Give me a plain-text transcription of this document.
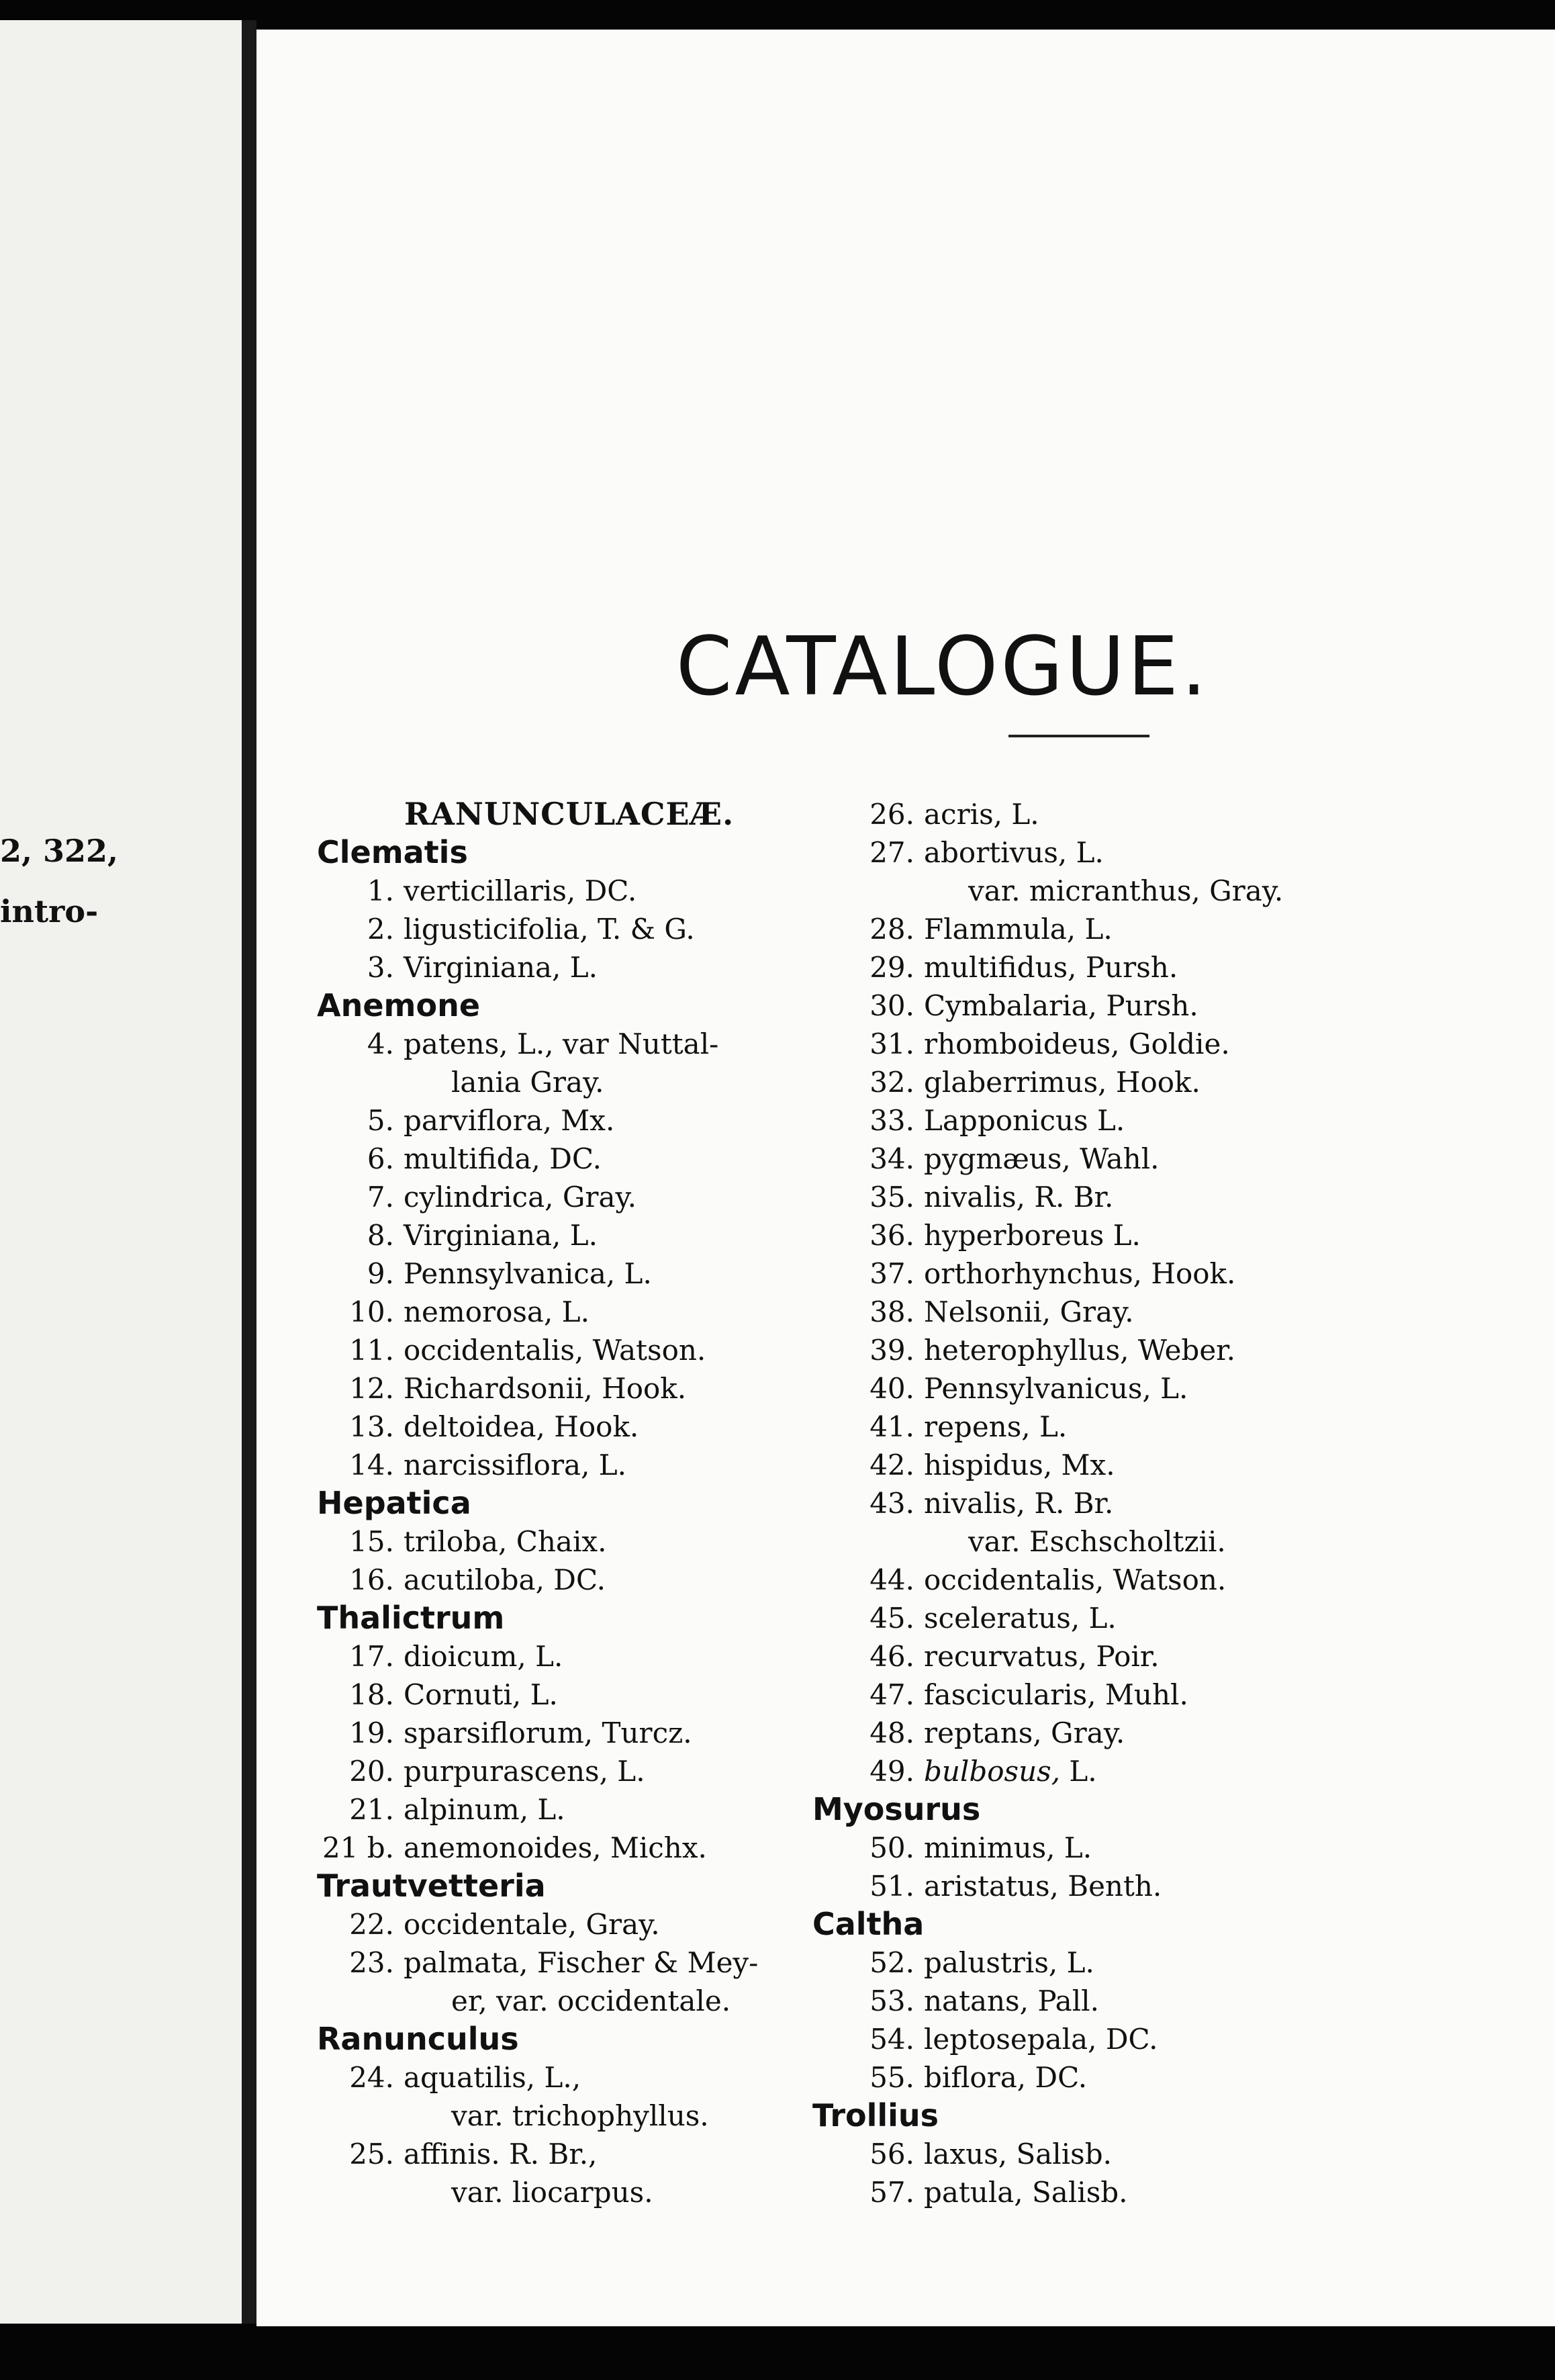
2, 322,
intro-
CATALOGUE.
RANUNCULACEÆ.
Clematis
1. verticillaris, DC.
2. ligusticifolia, T. & G.
3. Virginiana, L.
Anemone
4. patens, L., var Nuttal-
lania Gray.
5. parviflora, Mx.
6. multifida, DC.
7. cylindrica, Gray.
8. Virginiana, L.
9. Pennsylvanica, L.
10. nemorosa, L.
11. occidentalis, Watson.
12. Richardsonii, Hook.
13. deltoidea, Hook.
14. narcissiflora, L.
Hepatica
15. triloba, Chaix.
16. acutiloba, DC.
Thalictrum
17. dioicum, L.
18. Cornuti, L.
19. sparsiflorum, Turcz.
20. purpurascens, L.
21. alpinum, L.
21 b. anemonoides, Michx.
Trautvetteria
22. occidentale, Gray.
23. palmata, Fischer & Mey-
er, var. occidentale.
Ranunculus
24. aquatilis, L.,
var. trichophyllus.
25. affinis. R. Br.,
var. liocarpus.
26. acris, L.
27. abortivus, L.
var. micranthus, Gray.
28. Flammula, L.
29. multifidus, Pursh.
30. Cymbalaria, Pursh.
31. rhomboideus, Goldie.
32. glaberrimus, Hook.
33. Lapponicus L.
34. pygmæus, Wahl.
35. nivalis, R. Br.
36. hyperboreus L.
37. orthorhynchus, Hook.
38. Nelsonii, Gray.
39. heterophyllus, Weber.
40. Pennsylvanicus, L.
41. repens, L.
42. hispidus, Mx.
43. nivalis, R. Br.
var. Eschscholtzii.
44. occidentalis, Watson.
45. sceleratus, L.
46. recurvatus, Poir.
47. fascicularis, Muhl.
48. reptans, Gray.
49. bulbosus, L.
Myosurus
50. minimus, L.
51. aristatus, Benth.
Caltha
52. palustris, L.
53. natans, Pall.
54. leptosepala, DC.
55. biflora, DC.
Trollius
56. laxus, Salisb.
57. patula, Salisb.
